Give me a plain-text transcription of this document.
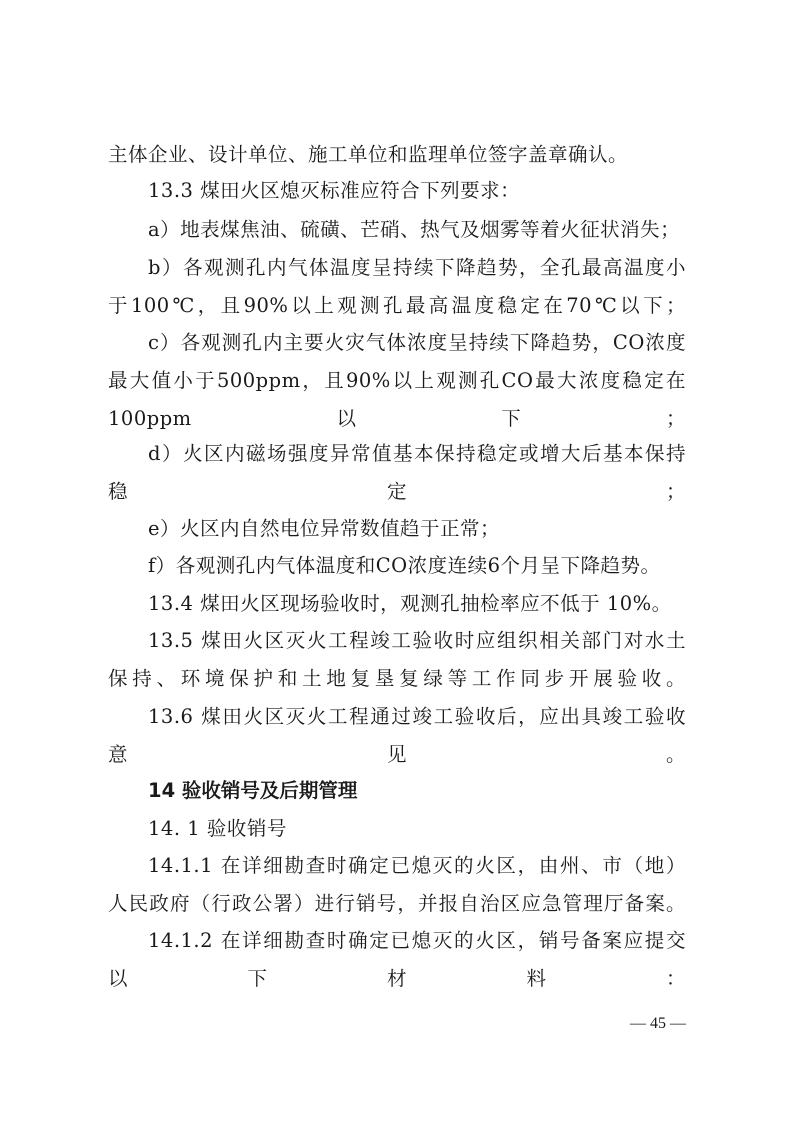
主体企业、设计单位、施工单位和监理单位签字盖章确认。

13.3 煤田火区熄灭标准应符合下列要求：

a）地表煤焦油、硫磺、芒硝、热气及烟雾等着火征状消失；

b）各观测孔内气体温度呈持续下降趋势，全孔最高温度小
于100℃，且90%以上观测孔最高温度稳定在70℃以下；
c）各观测孔内主要火灾气体浓度呈持续下降趋势，CO浓度
最大值小于500ppm，且90%以上观测孔CO最大浓度稳定在
100ppm以下；
d）火区内磁场强度异常值基本保持稳定或增大后基本保持
稳定；

e）火区内自然电位异常数值趋于正常；

f）各观测孔内气体温度和CO浓度连续6个月呈下降趋势。

13.4 煤田火区现场验收时，观测孔抽检率应不低于 10%。

13.5 煤田火区灭火工程竣工验收时应组织相关部门对水土
保持、环境保护和土地复垦复绿等工作同步开展验收。
13.6 煤田火区灭火工程通过竣工验收后，应出具竣工验收
意见。

14 验收销号及后期管理

14. 1 验收销号

14.1.1 在详细勘查时确定已熄灭的火区，由州、市（地）
人民政府（行政公署）进行销号，并报自治区应急管理厅备案。
14.1.2 在详细勘查时确定已熄灭的火区，销号备案应提交
以下材料：
— 45 —
